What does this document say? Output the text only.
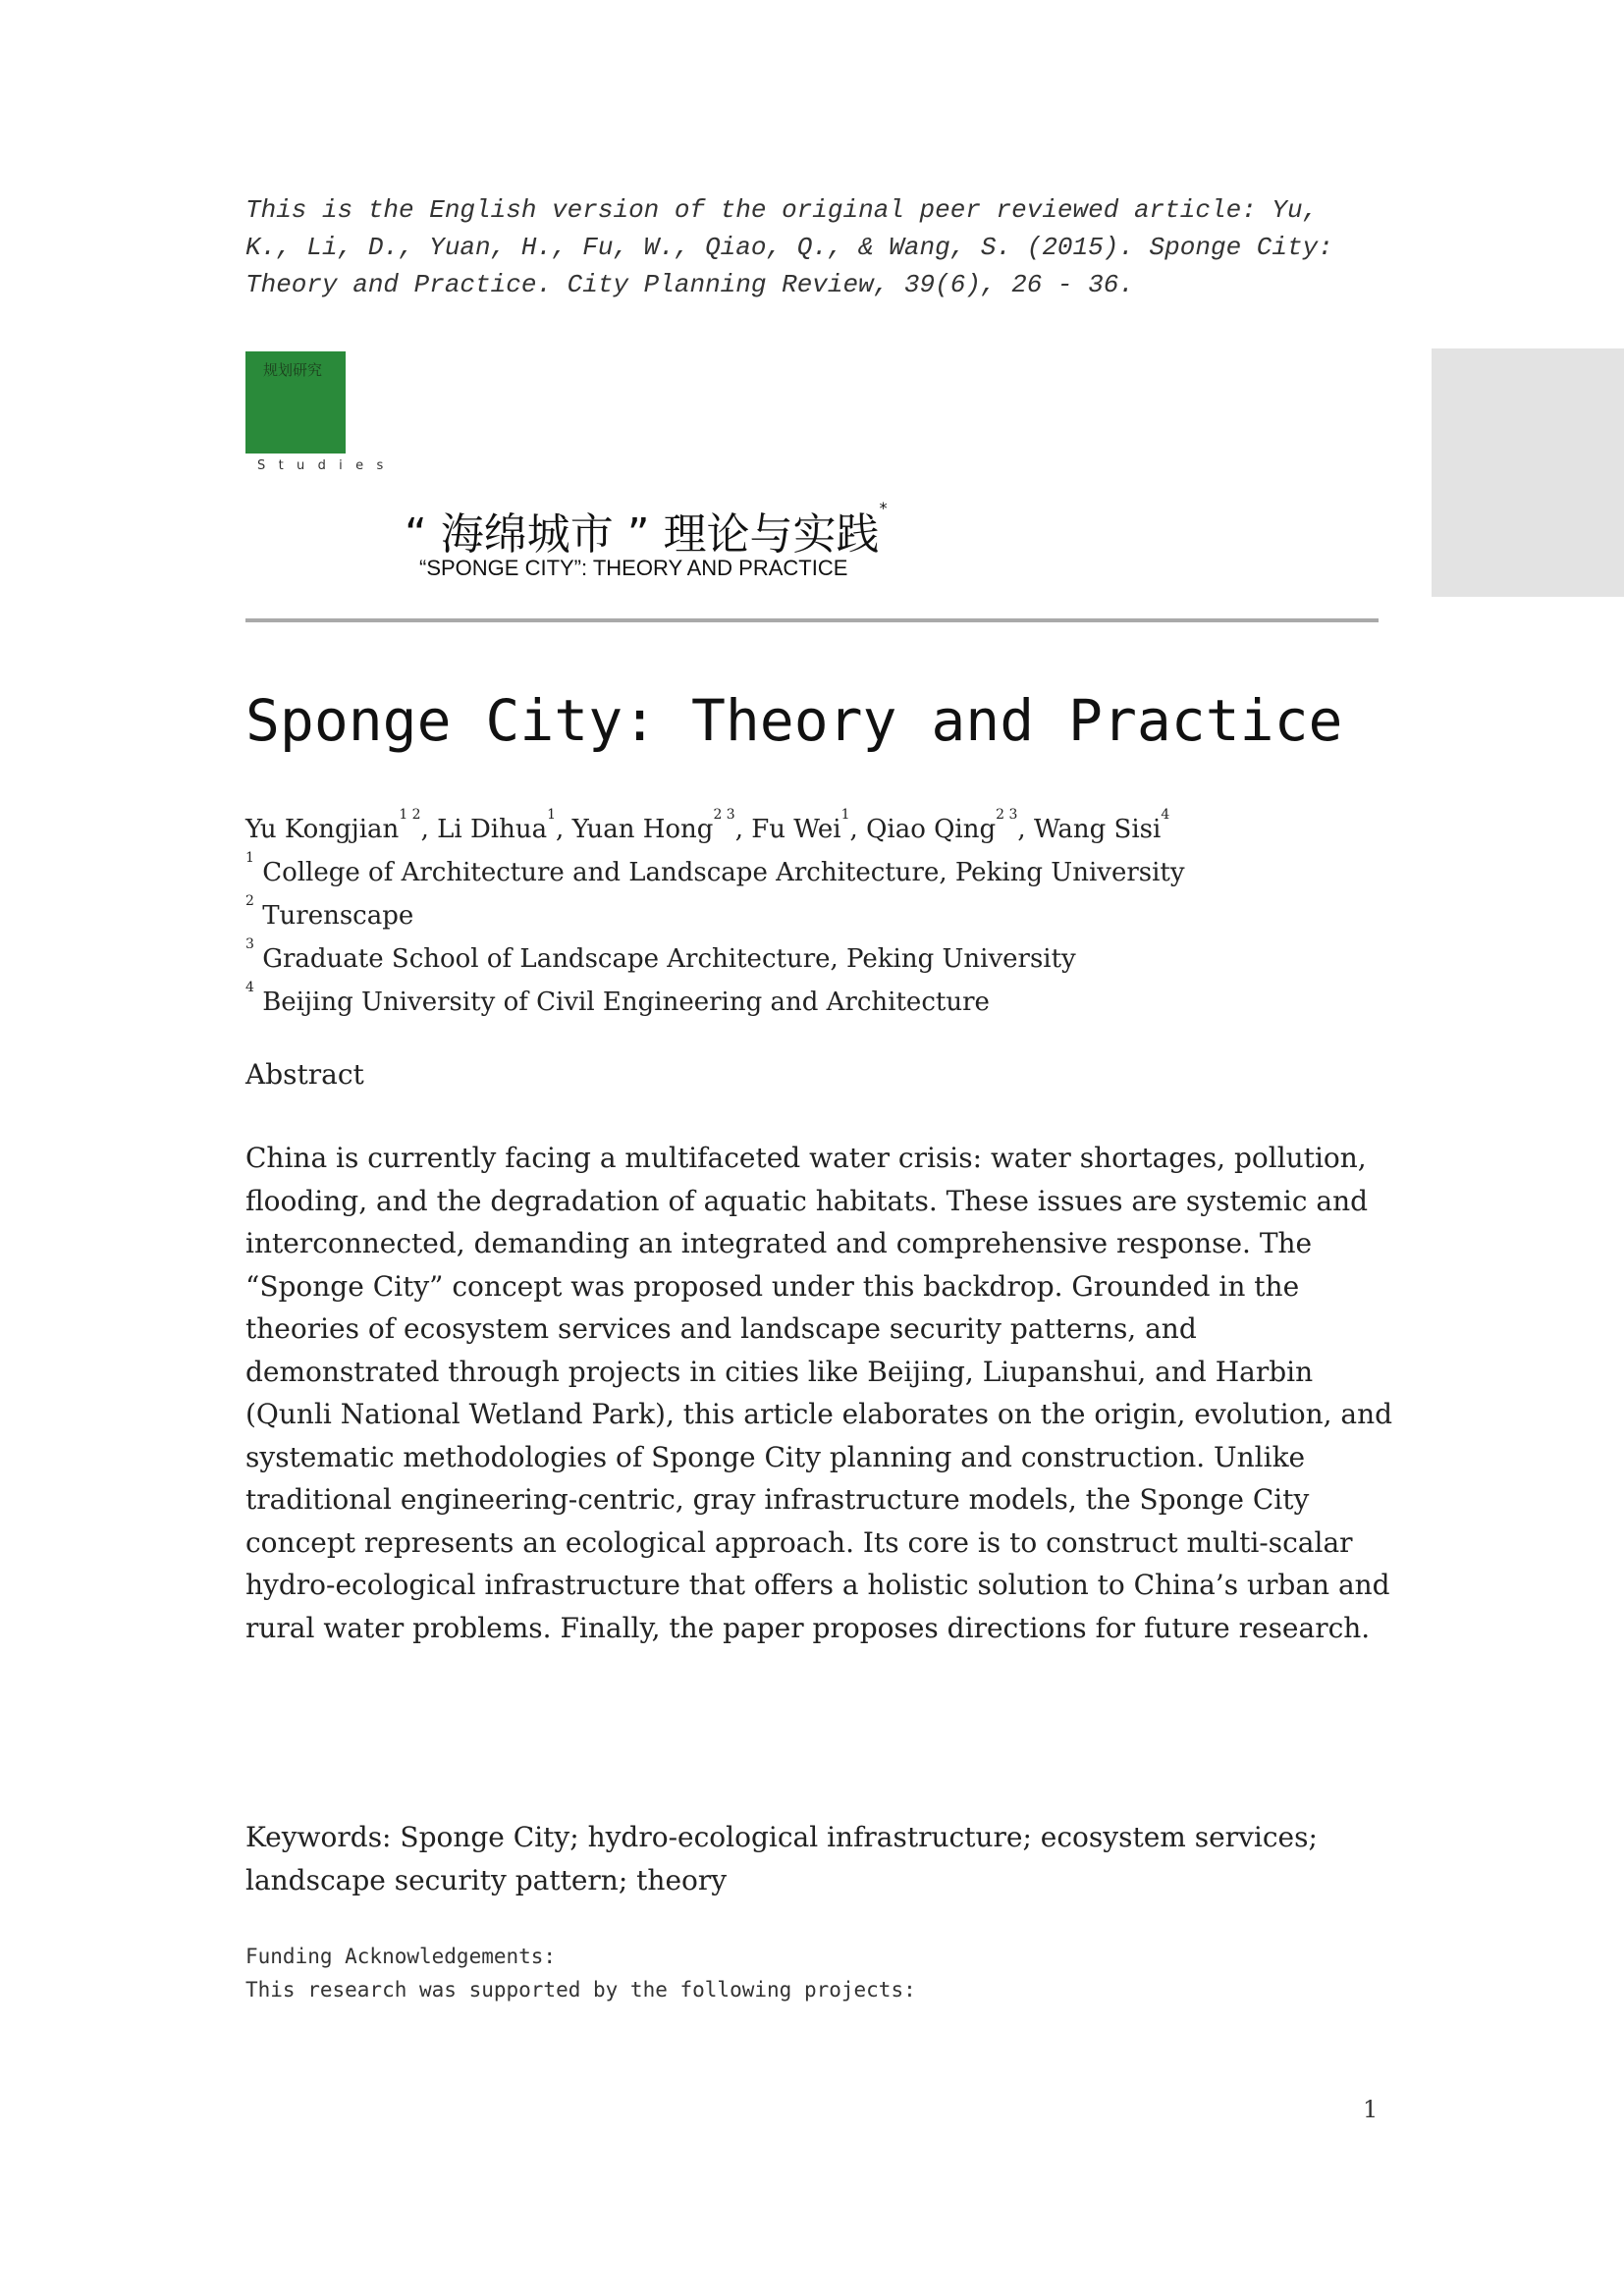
This is the English version of the original peer reviewed article: Yu, K., Li, D., Yuan, H., Fu, W., Qiao, Q., & Wang, S. (2015). Sponge City: Theory and Practice. City Planning Review, 39(6), 26 - 36.

规划研究
S t u d i e s
“ 海绵城市 ” 理论与实践*
“SPONGE CITY”: THEORY AND PRACTICE
Sponge City: Theory and Practice
Yu Kongjian$^{1 2}$, Li Dihua$^1$, Yuan Hong$^{2 3}$, Fu Wei$^1$, Qiao Qing$^{2 3}$, Wang Sisi$^4$
$^1$ College of Architecture and Landscape Architecture, Peking University
$^2$ Turenscape
$^3$ Graduate School of Landscape Architecture, Peking University
$^4$ Beijing University of Civil Engineering and Architecture
Abstract

China is currently facing a multifaceted water crisis: water shortages, pollution, flooding, and the degradation of aquatic habitats. These issues are systemic and interconnected, demanding an integrated and comprehensive response. The “Sponge City” concept was proposed under this backdrop. Grounded in the theories of ecosystem services and landscape security patterns, and demonstrated through projects in cities like Beijing, Liupanshui, and Harbin (Qunli National Wetland Park), this article elaborates on the origin, evolution, and systematic methodologies of Sponge City planning and construction. Unlike traditional engineering-centric, gray infrastructure models, the Sponge City concept represents an ecological approach. Its core is to construct multi-scalar hydro-ecological infrastructure that offers a holistic solution to China’s urban and rural water problems. Finally, the paper proposes directions for future research.

Keywords: Sponge City; hydro-ecological infrastructure; ecosystem services; landscape security pattern; theory

Funding Acknowledgements:
This research was supported by the following projects:
1
